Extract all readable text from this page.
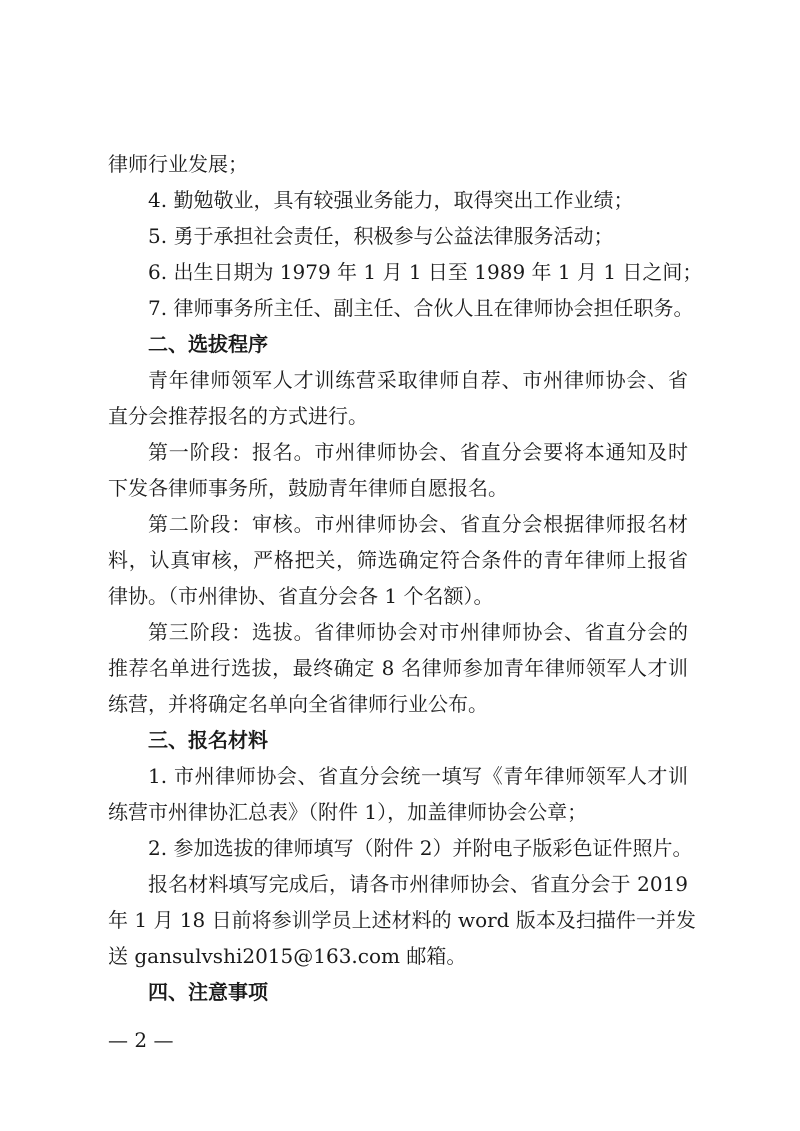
律师行业发展；
4. 勤勉敬业，具有较强业务能力，取得突出工作业绩；
5. 勇于承担社会责任，积极参与公益法律服务活动；
6. 出生日期为 1979 年 1 月 1 日至 1989 年 1 月 1 日之间；
7. 律师事务所主任、副主任、合伙人且在律师协会担任职务。
二、选拔程序
青年律师领军人才训练营采取律师自荐、市州律师协会、省
直分会推荐报名的方式进行。
第一阶段：报名。市州律师协会、省直分会要将本通知及时
下发各律师事务所，鼓励青年律师自愿报名。
第二阶段：审核。市州律师协会、省直分会根据律师报名材
料，认真审核，严格把关，筛选确定符合条件的青年律师上报省
律协。（市州律协、省直分会各 1 个名额）。
第三阶段：选拔。省律师协会对市州律师协会、省直分会的
推荐名单进行选拔，最终确定 8 名律师参加青年律师领军人才训
练营，并将确定名单向全省律师行业公布。
三、报名材料
1. 市州律师协会、省直分会统一填写《青年律师领军人才训
练营市州律协汇总表》（附件 1），加盖律师协会公章；
2. 参加选拔的律师填写（附件 2）并附电子版彩色证件照片。
报名材料填写完成后，请各市州律师协会、省直分会于 2019
年 1 月 18 日前将参训学员上述材料的 word 版本及扫描件一并发
送 gansulvshi2015@163.com 邮箱。
四、注意事项
— 2 —
